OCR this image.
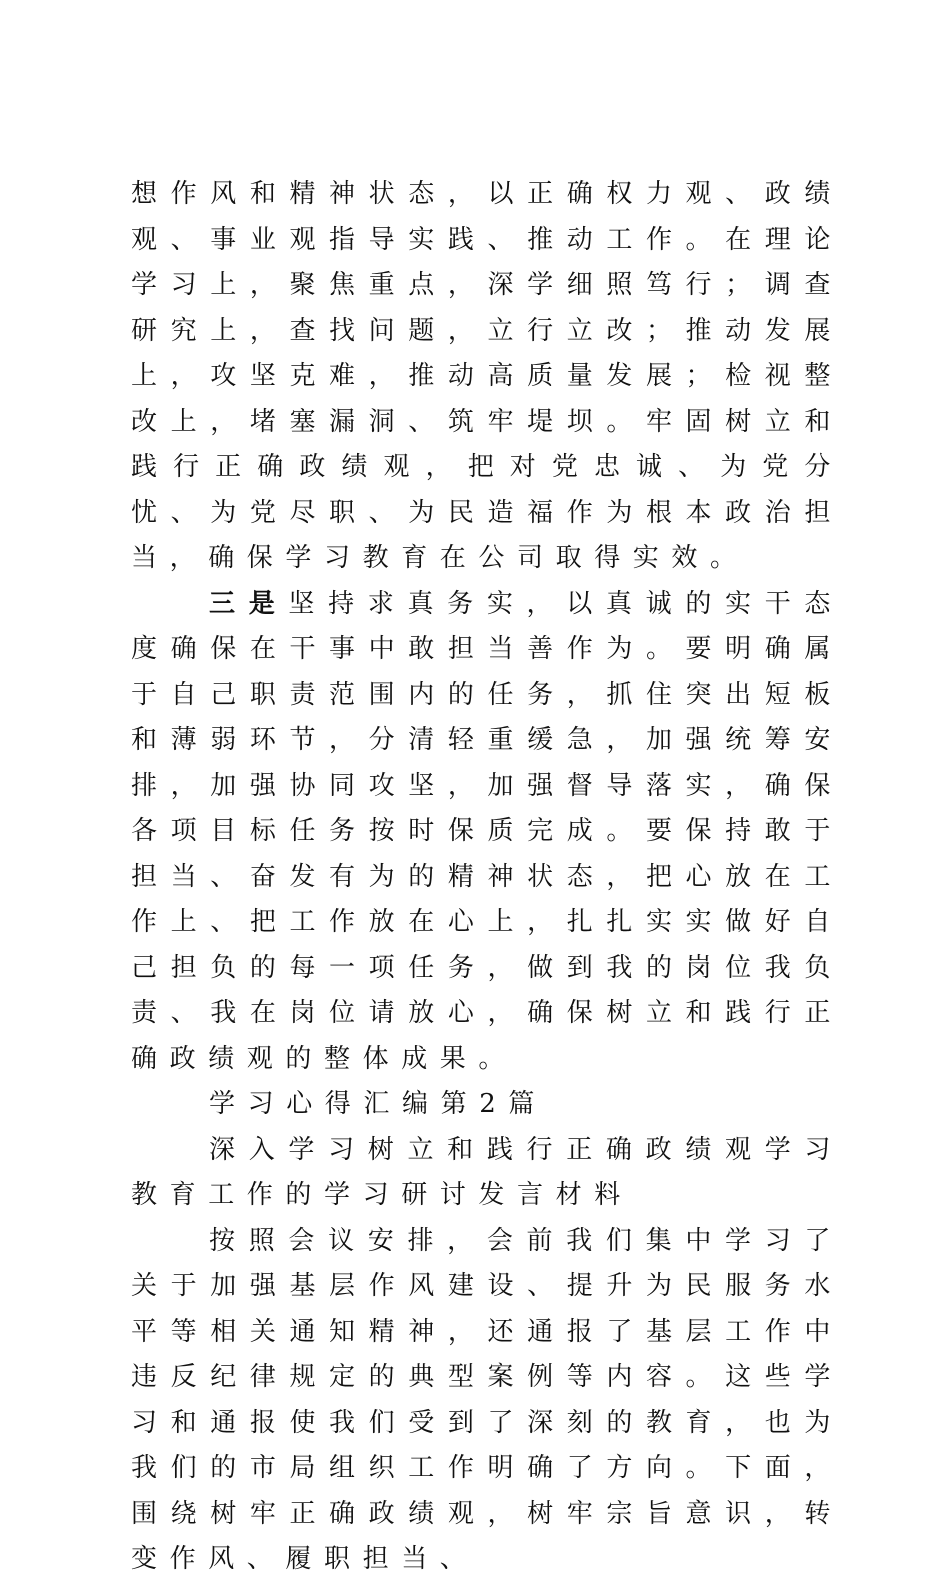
想作风和精神状态，以正确权力观、政绩观、事业观指导实践、推动工作。在理论学习上，聚焦重点，深学细照笃行；调查研究上，查找问题，立行立改；推动发展上，攻坚克难，推动高质量发展；检视整改上，堵塞漏洞、筑牢堤坝。牢固树立和践行正确政绩观，把对党忠诚、为党分忧、为党尽职、为民造福作为根本政治担当，确保学习教育在公司取得实效。

三是坚持求真务实，以真诚的实干态度确保在干事中敢担当善作为。要明确属于自己职责范围内的任务，抓住突出短板和薄弱环节，分清轻重缓急，加强统筹安排，加强协同攻坚，加强督导落实，确保各项目标任务按时保质完成。要保持敢于担当、奋发有为的精神状态，把心放在工作上、把工作放在心上，扎扎实实做好自己担负的每一项任务，做到我的岗位我负责、我在岗位请放心，确保树立和践行正确政绩观的整体成果。

学习心得汇编第2篇

深入学习树立和践行正确政绩观学习教育工作的学习研讨发言材料

按照会议安排，会前我们集中学习了关于加强基层作风建设、提升为民服务水平等相关通知精神，还通报了基层工作中违反纪律规定的典型案例等内容。这些学习和通报使我们受到了深刻的教育，也为我们的市局组织工作明确了方向。下面，围绕树牢正确政绩观，树牢宗旨意识，转变作风、履职担当、
